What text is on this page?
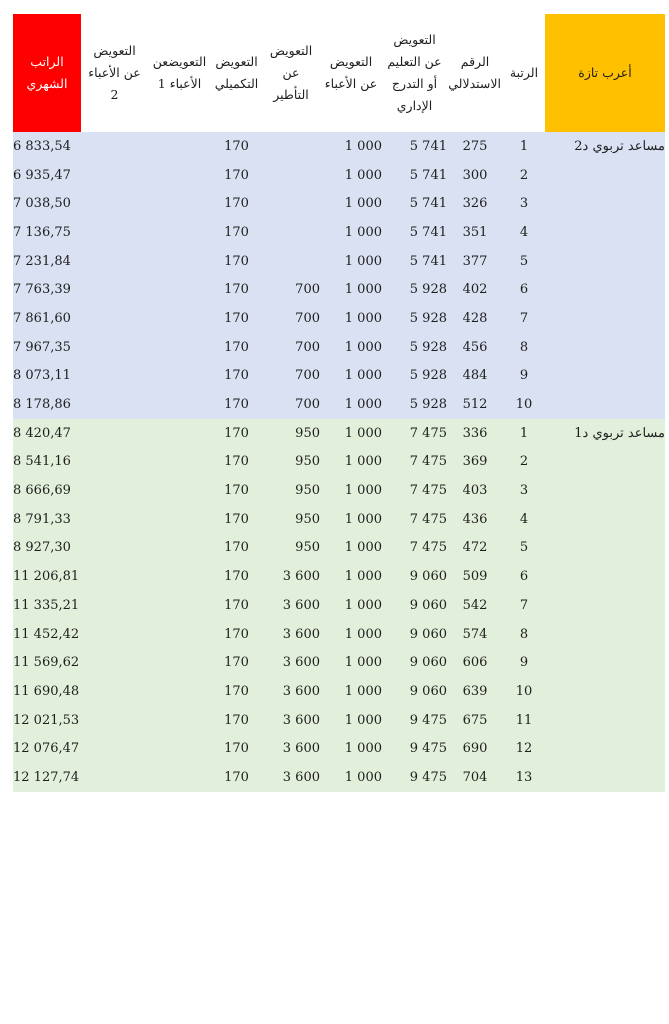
الراتب الشهري	التعويض عن الأعباء 2	التعويضعن الأعباء 1	التعويض التكميلي	التعويض عن التأطير	التعويض عن الأعباء	التعويض عن التعليم أو التدرج الإداري	الرقم الاستدلالي	الرتبة	أعرب تازة
6 833,54			170		1 000	5 741	275	1	مساعد تربوي د2
6 935,47			170		1 000	5 741	300	2	
7 038,50			170		1 000	5 741	326	3	
7 136,75			170		1 000	5 741	351	4	
7 231,84			170		1 000	5 741	377	5	
7 763,39			170	700	1 000	5 928	402	6	
7 861,60			170	700	1 000	5 928	428	7	
7 967,35			170	700	1 000	5 928	456	8	
8 073,11			170	700	1 000	5 928	484	9	
8 178,86			170	700	1 000	5 928	512	10	
8 420,47			170	950	1 000	7 475	336	1	مساعد تربوي د1
8 541,16			170	950	1 000	7 475	369	2	
8 666,69			170	950	1 000	7 475	403	3	
8 791,33			170	950	1 000	7 475	436	4	
8 927,30			170	950	1 000	7 475	472	5	
11 206,81			170	3 600	1 000	9 060	509	6	
11 335,21			170	3 600	1 000	9 060	542	7	
11 452,42			170	3 600	1 000	9 060	574	8	
11 569,62			170	3 600	1 000	9 060	606	9	
11 690,48			170	3 600	1 000	9 060	639	10	
12 021,53			170	3 600	1 000	9 475	675	11	
12 076,47			170	3 600	1 000	9 475	690	12	
12 127,74			170	3 600	1 000	9 475	704	13	
